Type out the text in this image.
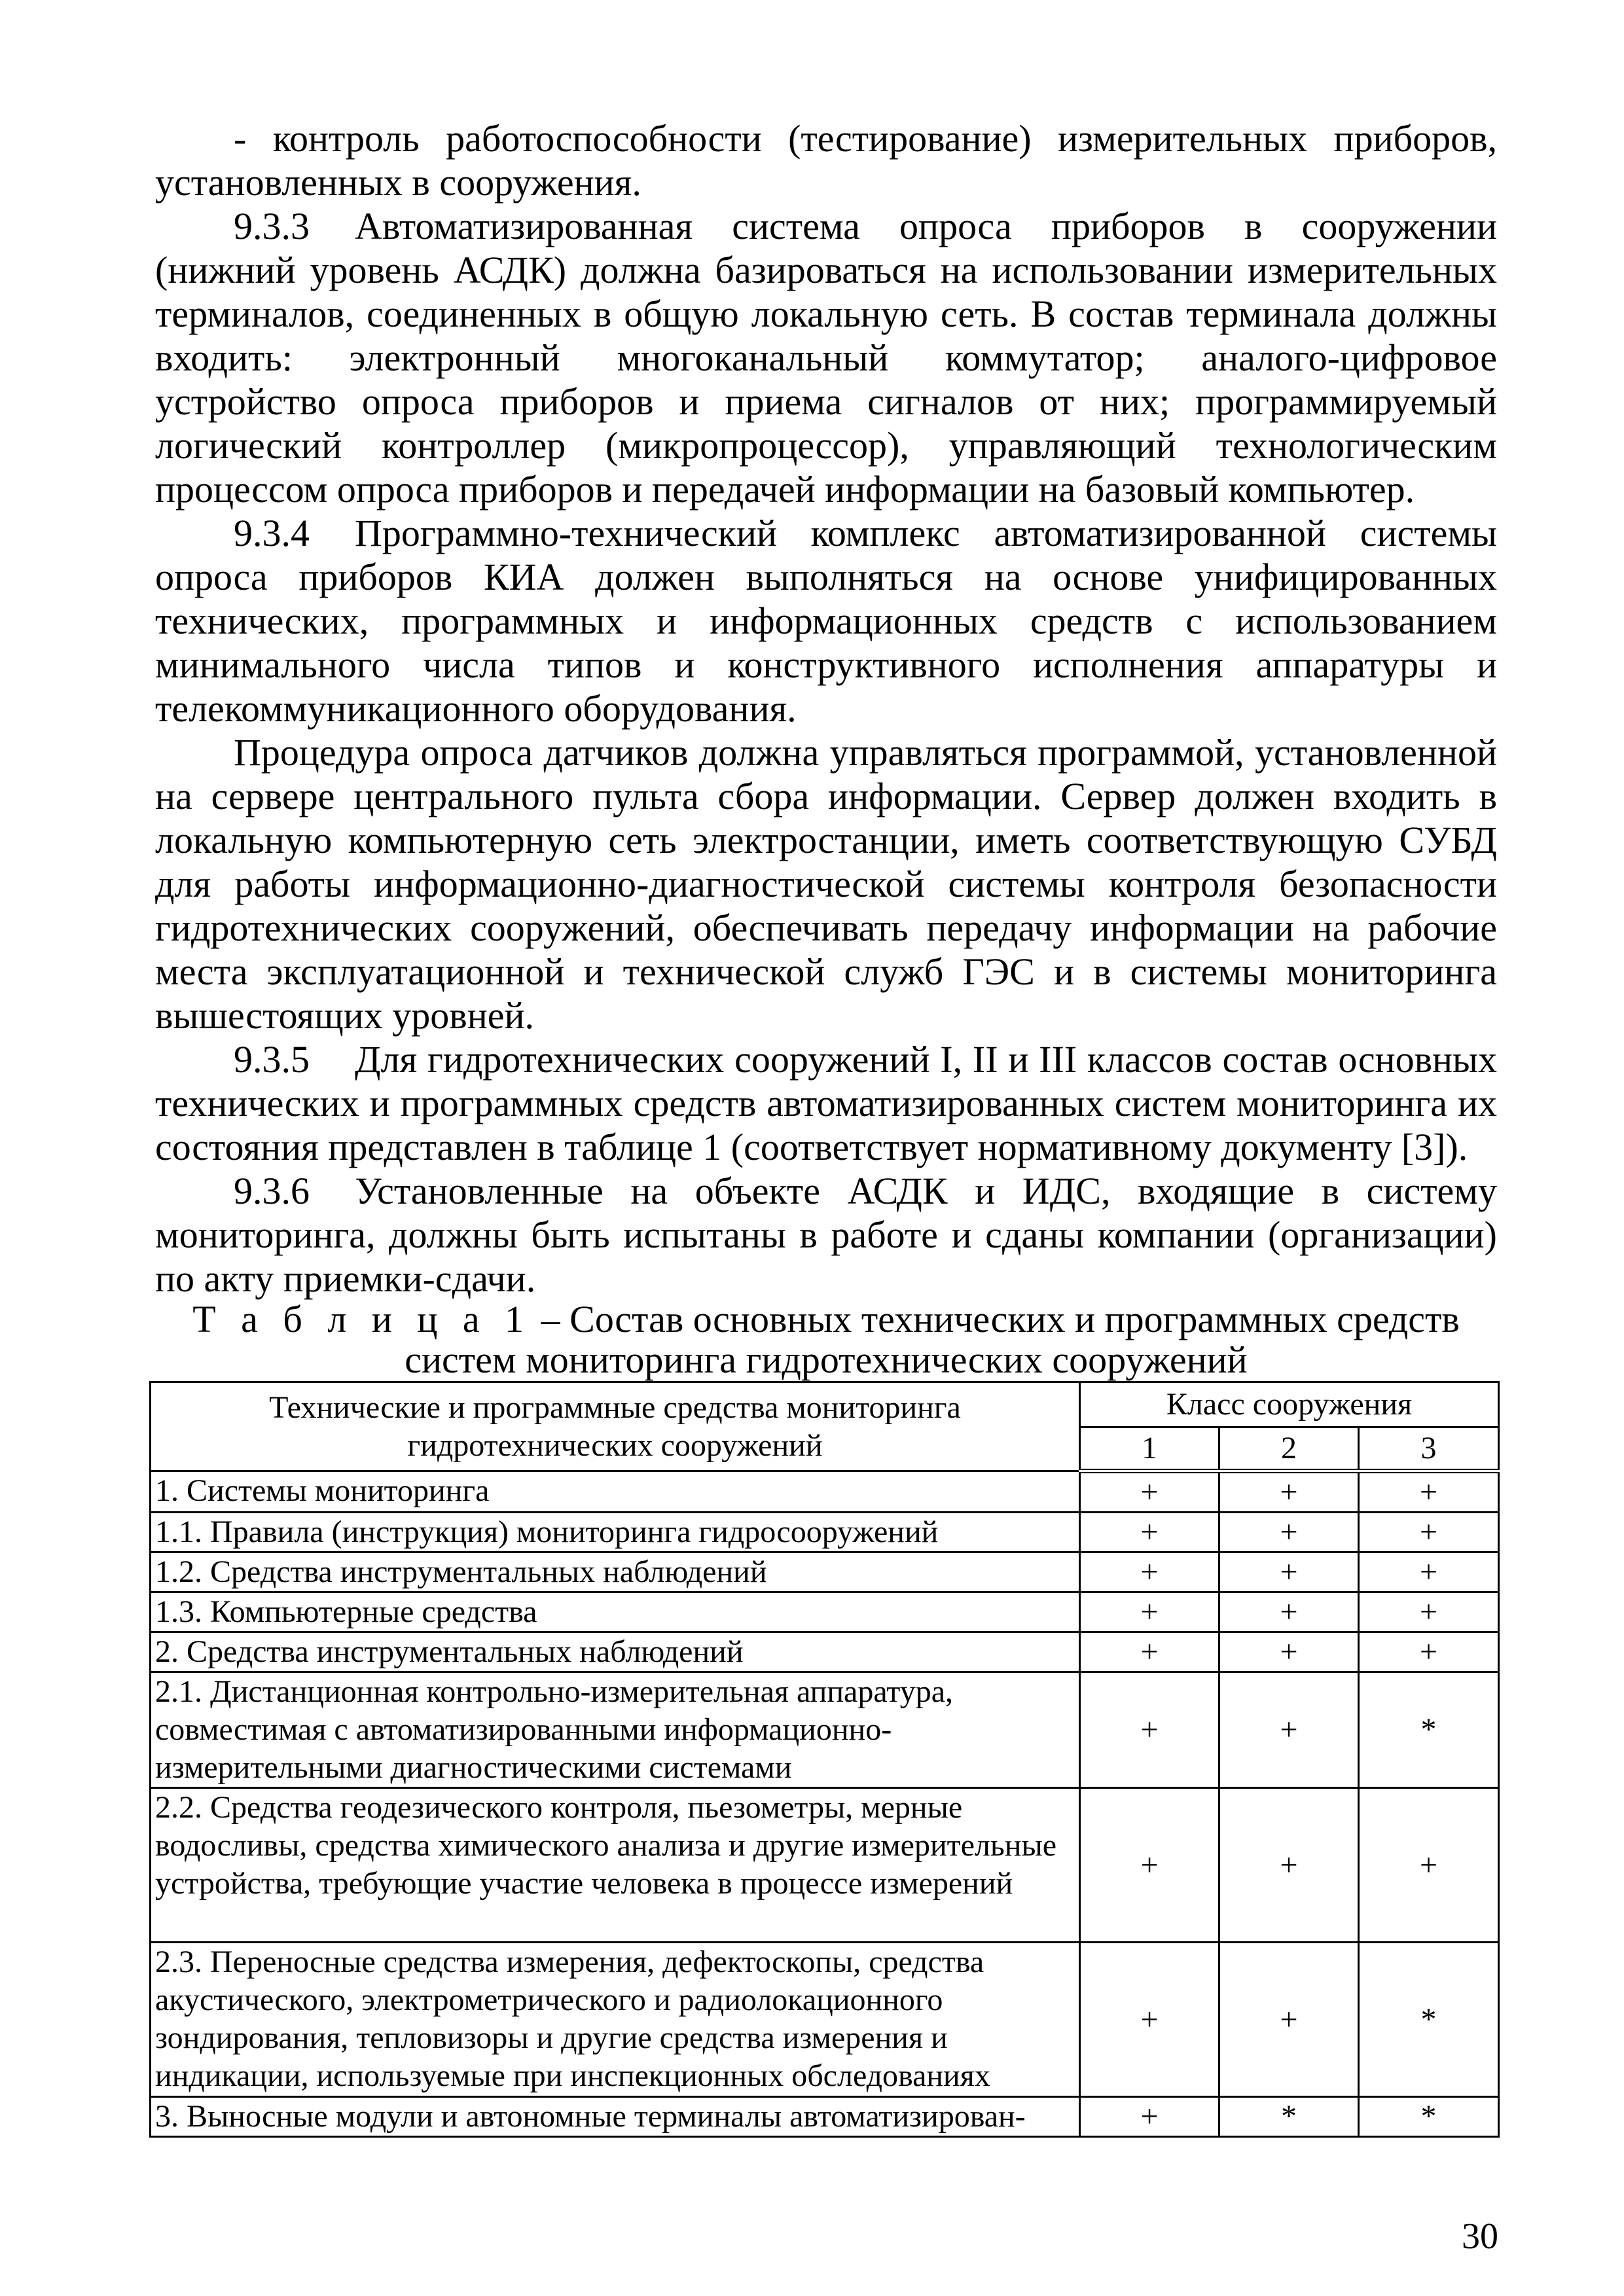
- контроль работоспособности (тестирование) измерительных приборов, установленных в сооружения.

9.3.3 Автоматизированная система опроса приборов в сооружении (нижний уровень АСДК) должна базироваться на использовании измерительных терминалов, соединенных в общую локальную сеть. В состав терминала должны входить: электронный многоканальный коммутатор; аналого-цифровое устройство опроса приборов и приема сигналов от них; программируемый логический контроллер (микропроцессор), управляющий технологическим процессом опроса приборов и передачей информации на базовый компьютер.

9.3.4 Программно-технический комплекс автоматизированной системы опроса приборов КИА должен выполняться на основе унифицированных технических, программных и информационных средств с использованием минимального числа типов и конструктивного исполнения аппаратуры и телекоммуникационного оборудования.

Процедура опроса датчиков должна управляться программой, установленной на сервере центрального пульта сбора информации. Сервер должен входить в локальную компьютерную сеть электростанции, иметь соответствующую СУБД для работы информационно-диагностической системы контроля безопасности гидротехнических сооружений, обеспечивать передачу информации на рабочие места эксплуатационной и технической служб ГЭС и в системы мониторинга вышестоящих уровней.

9.3.5 Для гидротехнических сооружений I, II и III классов состав основных технических и программных средств автоматизированных систем мониторинга их состояния представлен в таблице 1 (соответствует нормативному документу [3]).

9.3.6 Установленные на объекте АСДК и ИДС, входящие в систему мониторинга, должны быть испытаны в работе и сданы компании (организации) по акту приемки-сдачи.

Т а б л и ц а 1 – Состав основных технических и программных средств систем мониторинга гидротехнических сооружений
Технические и программные средства мониторинга гидротехнических сооружений	Класс сооружения		
	1	2	3
1. Системы мониторинга	+	+	+
1.1. Правила (инструкция) мониторинга гидросооружений	+	+	+
1.2. Средства инструментальных наблюдений	+	+	+
1.3. Компьютерные средства	+	+	+
2. Средства инструментальных наблюдений	+	+	+
2.1. Дистанционная контрольно-измерительная аппаратура, совместимая с автоматизированными информационно-измерительными диагностическими системами	+	+	*
2.2. Средства геодезического контроля, пьезометры, мерные водосливы, средства химического анализа и другие измерительные устройства, требующие участие человека в процессе измерений	+	+	+
2.3. Переносные средства измерения, дефектоскопы, средства акустического, электрометрического и радиолокационного зондирования, тепловизоры и другие средства измерения и индикации, используемые при инспекционных обследованиях	+	+	*
3. Выносные модули и автономные терминалы автоматизирован-	+	*	*
30
